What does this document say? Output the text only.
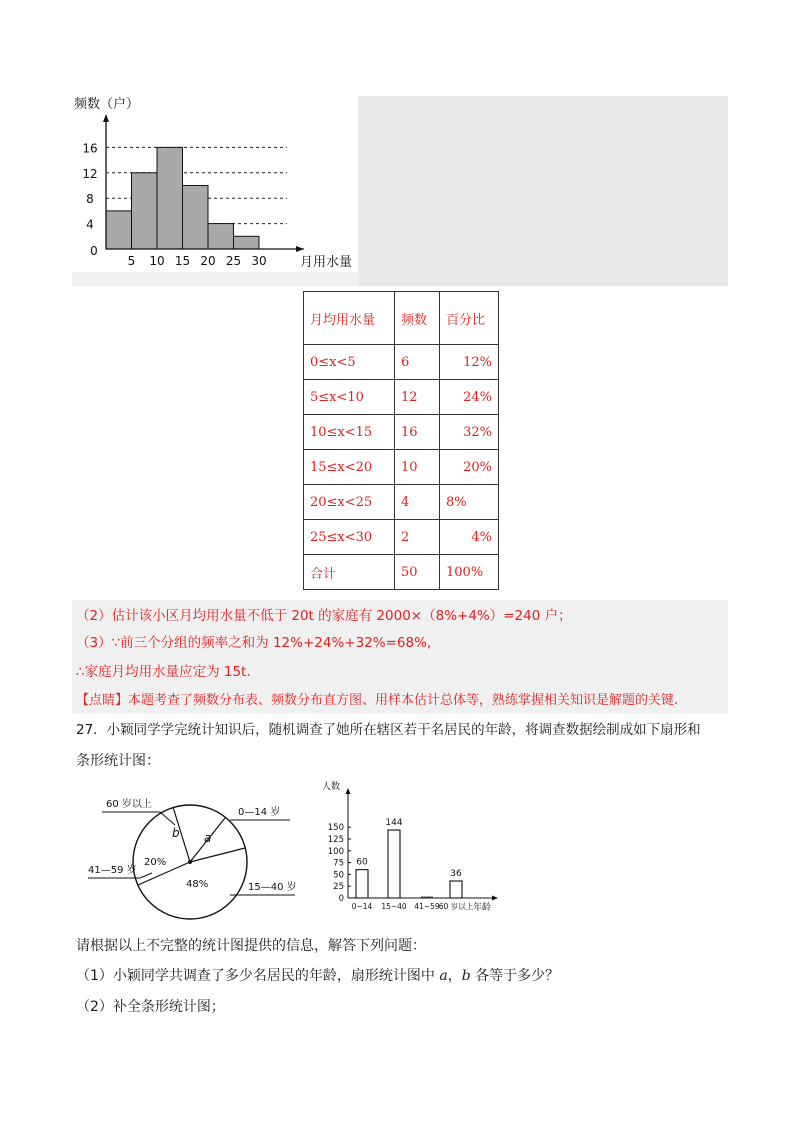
频数（户）
月用水量
0
4
8
12
16
5 10 15 20 25 30
月均用水量	频数	百分比
0≤x<5	6	12%
5≤x<10	12	24%
10≤x<15	16	32%
15≤x<20	10	20%
20≤x<25	4	8%
25≤x<30	2	4%
合计	50	100%
（2）估计该小区月均用水量不低于 20t 的家庭有 2000×（8%+4%）=240 户；
（3）∵前三个分组的频率之和为 12%+24%+32%=68%,
∴家庭月均用水量应定为 15t.
【点睛】本题考查了频数分布表、频数分布直方图、用样本估计总体等，熟练掌握相关知识是解题的关键.
27．小颖同学学完统计知识后，随机调查了她所在辖区若干名居民的年龄，将调查数据绘制成如下扇形和
条形统计图：
60 岁以上
0—14 岁
41—59 岁
15—40 岁
b a
20%
48%
人数
年龄
0
25
50
75
100
125
150
60
0~14
144
15~40 41~59
36
60 岁以上
请根据以上不完整的统计图提供的信息，解答下列问题：
（1）小颖同学共调查了多少名居民的年龄，扇形统计图中 a，b 各等于多少？
（2）补全条形统计图；
